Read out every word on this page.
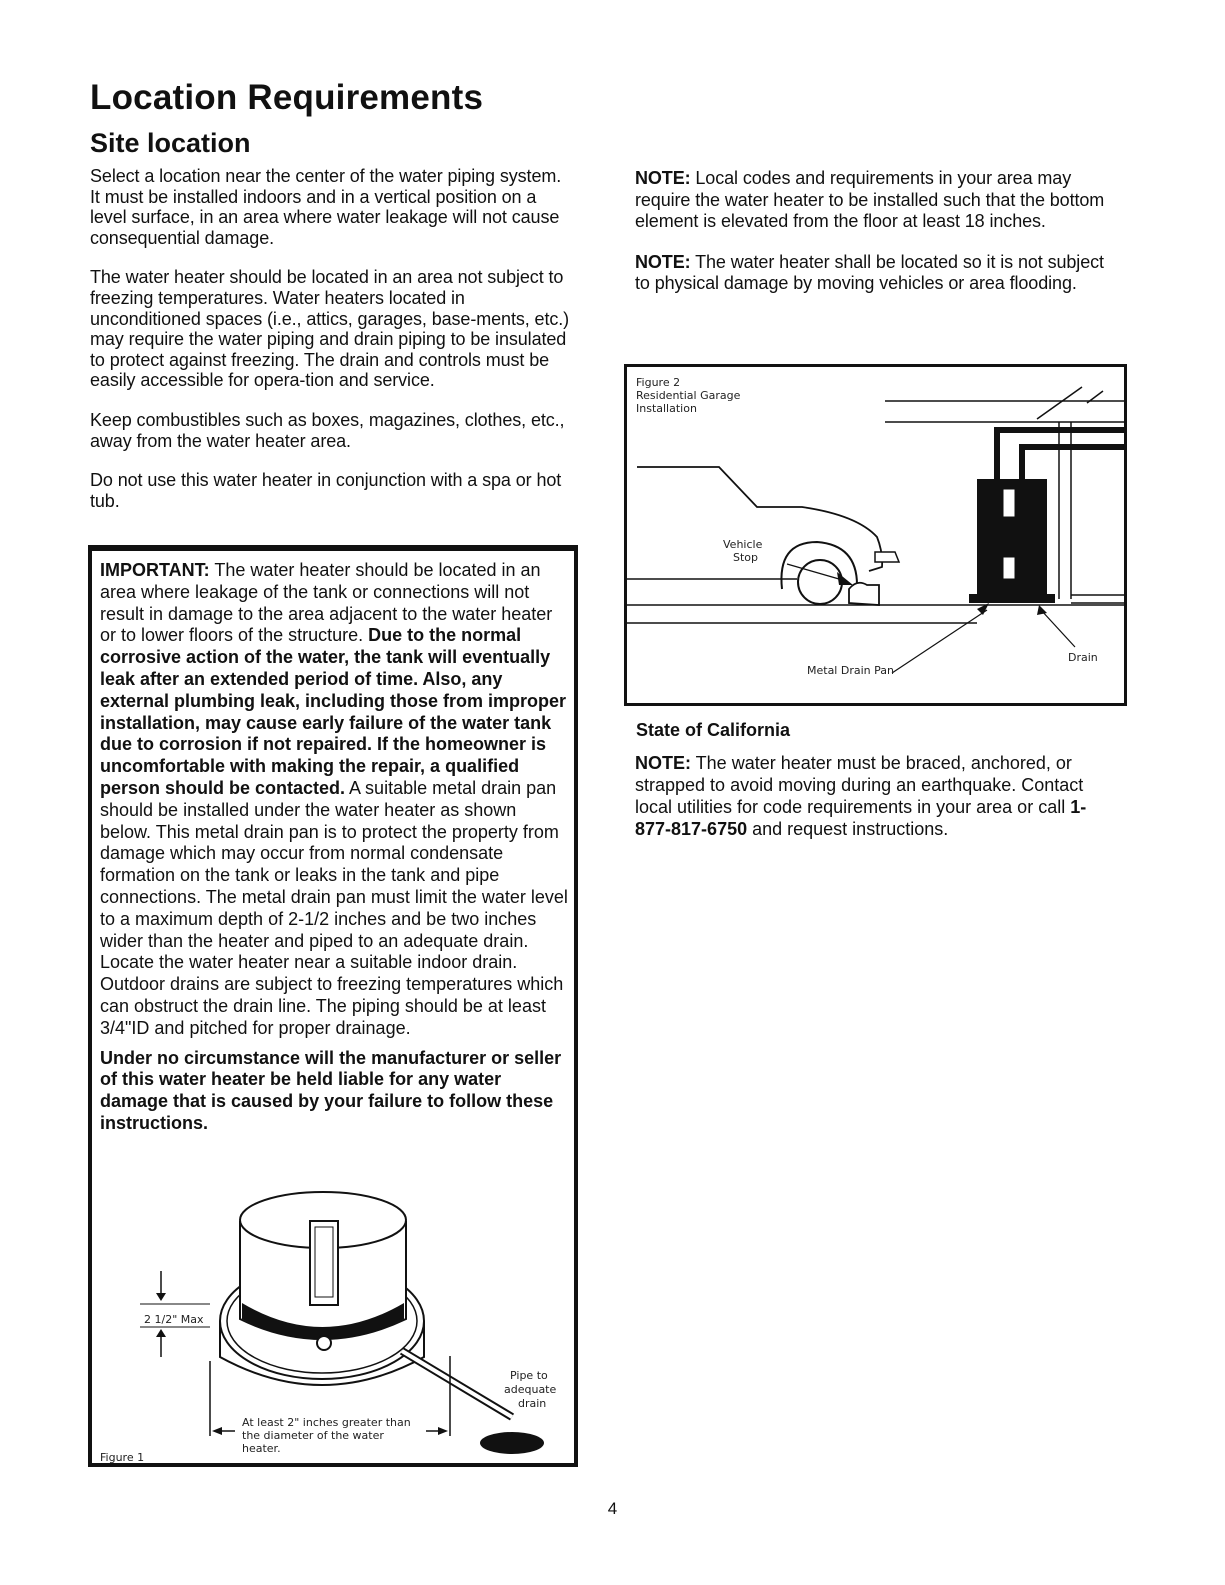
Location Requirements
Site location

Select a location near the center of the water piping system. It must be installed indoors and in a vertical position on a level surface, in an area where water leakage will not cause consequential damage.

The water heater should be located in an area not subject to freezing temperatures. Water heaters located in unconditioned spaces (i.e., attics, garages, base-ments, etc.) may require the water piping and drain piping to be insulated to protect against freezing. The drain and controls must be easily accessible for opera-tion and service.

Keep combustibles such as boxes, magazines, clothes, etc., away from the water heater area.

Do not use this water heater in conjunction with a spa or hot tub.

IMPORTANT: The water heater should be located in an area where leakage of the tank or connections will not result in damage to the area adjacent to the water heater or to lower floors of the structure. Due to the normal corrosive action of the water, the tank will eventually leak after an extended period of time. Also, any external plumbing leak, including those from improper installation, may cause early failure of the water tank due to corrosion if not repaired. If the homeowner is uncomfortable with making the repair, a qualified person should be contacted. A suitable metal drain pan should be installed under the water heater as shown below. This metal drain pan is to protect the property from damage which may occur from normal condensate formation on the tank or leaks in the tank and pipe connections. The metal drain pan must limit the water level to a maximum depth of 2-1/2 inches and be two inches wider than the heater and piped to an adequate drain. Locate the water heater near a suitable indoor drain. Outdoor drains are subject to freezing temperatures which can obstruct the drain line. The piping should be at least 3/4"ID and pitched for proper drainage.

Under no circumstance will the manufacturer or seller of this water heater be held liable for any water damage that is caused by your failure to follow these instructions.

2 1/2" Max
At least 2" inches greater than
the diameter of the water
heater.
Pipe to
adequate
drain
Figure 1

NOTE: Local codes and requirements in your area may require the water heater to be installed such that the bottom element is elevated from the floor at least 18 inches.

NOTE: The water heater shall be located so it is not subject to physical damage by moving vehicles or area flooding.

Figure 2
Residential Garage
Installation
Vehicle
Stop
Metal Drain Pan
Drain
State of California

NOTE: The water heater must be braced, anchored, or strapped to avoid moving during an earthquake. Contact local utilities for code requirements in your area or call 1-877-817-6750 and request instructions.

4
